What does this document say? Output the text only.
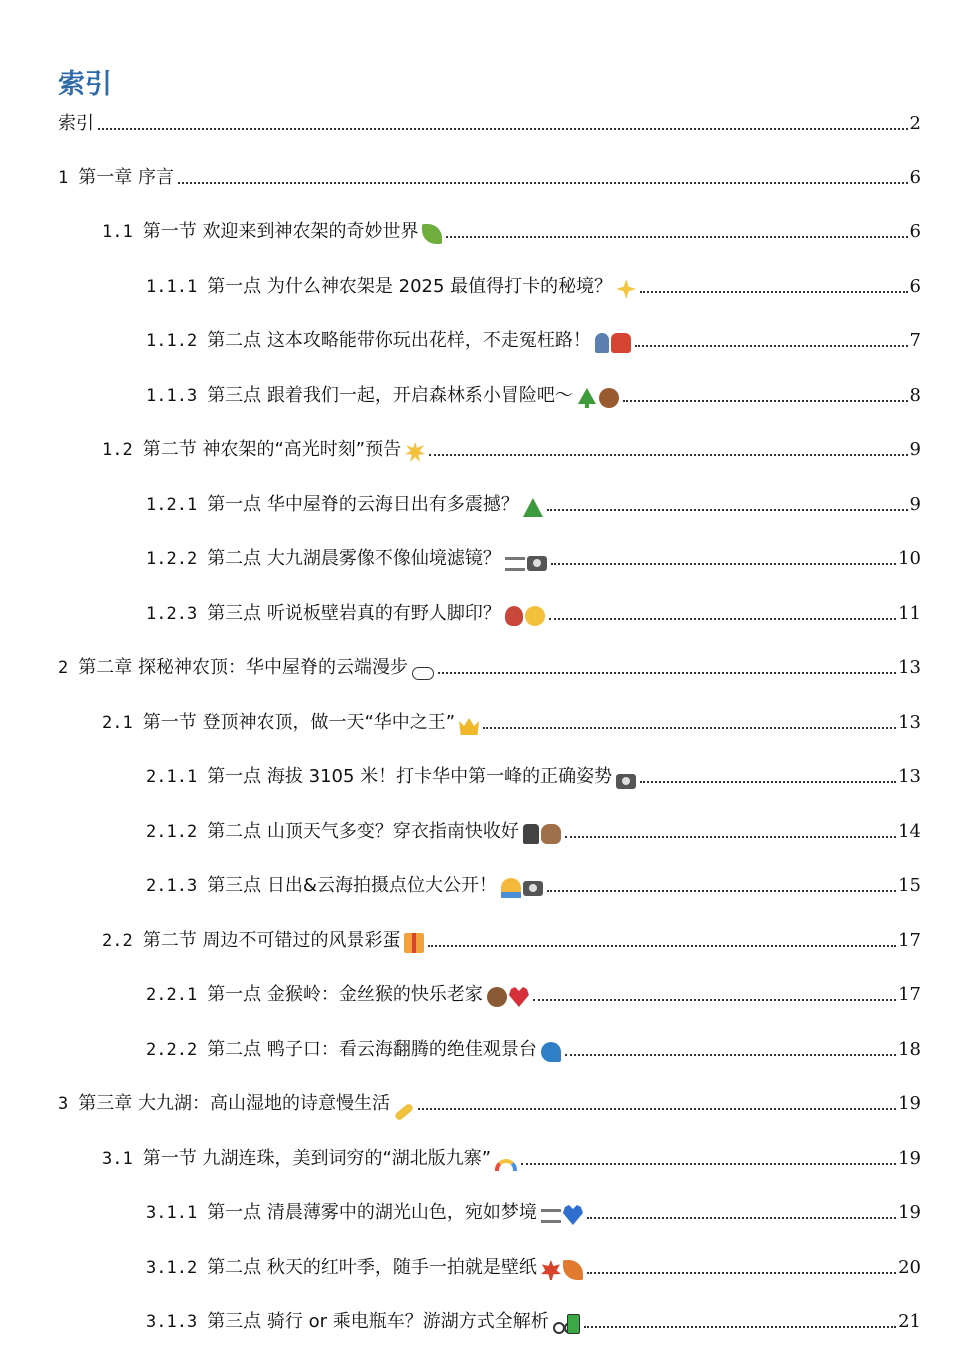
索引
索引	2
1 第一章 序言	6
1.1 第一节 欢迎来到神农架的奇妙世界	6
1.1.1 第一点 为什么神农架是 2025 最值得打卡的秘境？	6
1.1.2 第二点 这本攻略能带你玩出花样，不走冤枉路！	7
1.1.3 第三点 跟着我们一起，开启森林系小冒险吧～	8
1.2 第二节 神农架的“高光时刻”预告	9
1.2.1 第一点 华中屋脊的云海日出有多震撼？	9
1.2.2 第二点 大九湖晨雾像不像仙境滤镜？	10
1.2.3 第三点 听说板壁岩真的有野人脚印？	11
2 第二章 探秘神农顶：华中屋脊的云端漫步	13
2.1 第一节 登顶神农顶，做一天“华中之王”	13
2.1.1 第一点 海拔 3105 米！打卡华中第一峰的正确姿势	13
2.1.2 第二点 山顶天气多变？穿衣指南快收好	14
2.1.3 第三点 日出&云海拍摄点位大公开！	15
2.2 第二节 周边不可错过的风景彩蛋	17
2.2.1 第一点 金猴岭：金丝猴的快乐老家	17
2.2.2 第二点 鸭子口：看云海翻腾的绝佳观景台	18
3 第三章 大九湖：高山湿地的诗意慢生活	19
3.1 第一节 九湖连珠，美到词穷的“湖北版九寨”	19
3.1.1 第一点 清晨薄雾中的湖光山色，宛如梦境	19
3.1.2 第二点 秋天的红叶季，随手一拍就是壁纸	20
3.1.3 第三点 骑行 or 乘电瓶车？游湖方式全解析	21
